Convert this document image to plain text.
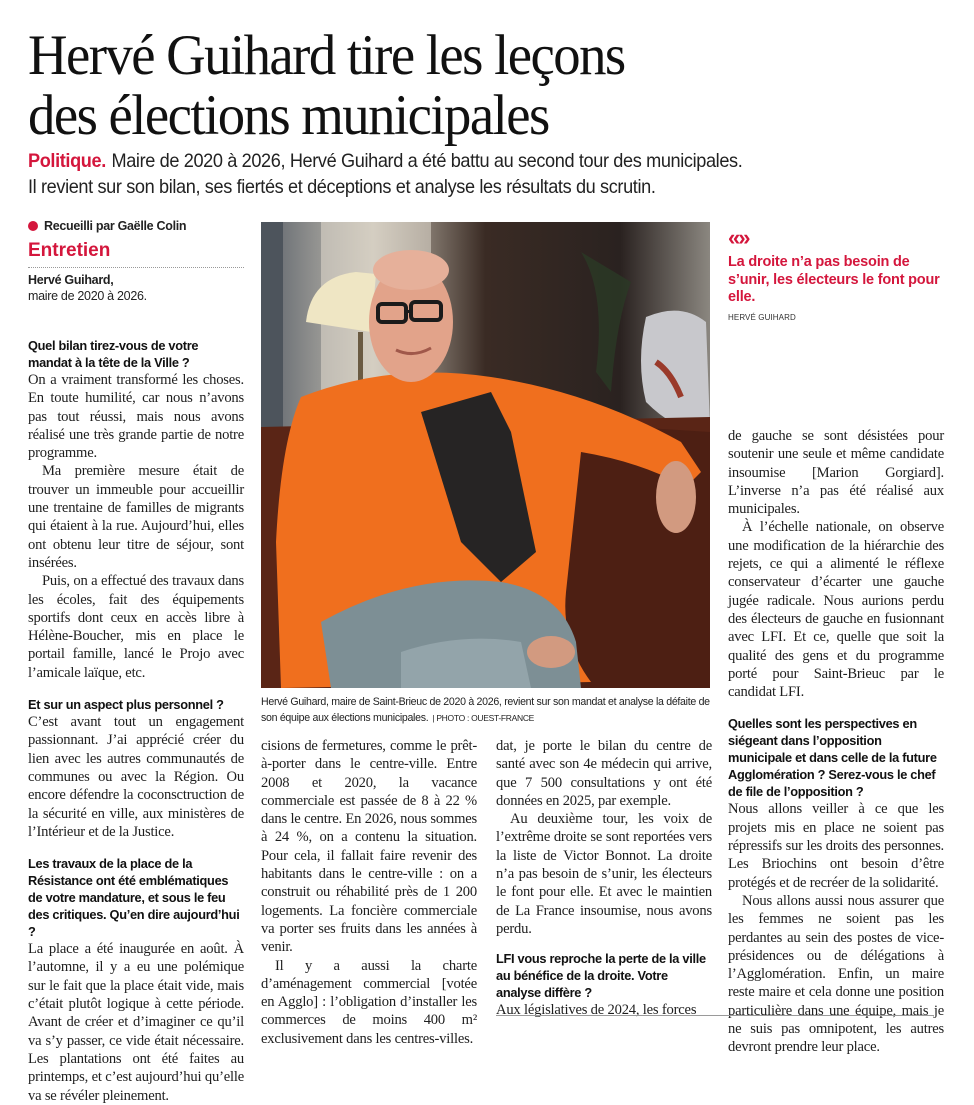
Hervé Guihard tire les leçons
des élections municipales
Politique. Maire de 2020 à 2026, Hervé Guihard a été battu au second tour des municipales.
Il revient sur son bilan, ses fiertés et déceptions et analyse les résultats du scrutin.
Recueilli par Gaëlle Colin
Entretien
Hervé Guihard,
maire de 2020 à 2026.

Quel bilan tirez-vous de votre mandat à la tête de la Ville ?

On a vraiment transformé les choses. En toute humilité, car nous n’avons pas tout réussi, mais nous avons réalisé une très grande partie de notre programme.

Ma première mesure était de trouver un immeuble pour accueillir une trentaine de familles de migrants qui étaient à la rue. Aujourd’hui, elles ont obtenu leur titre de séjour, sont insérées.

Puis, on a effectué des travaux dans les écoles, fait des équipements sportifs dont ceux en accès libre à Hélène-Boucher, mis en place le portail famille, lancé le Projo avec l’amicale laïque, etc.

Et sur un aspect plus personnel ?

C’est avant tout un engagement passionnant. J’ai apprécié créer du lien avec les autres communautés de communes ou avec la Région. Ou encore défendre la coconsctruction de la sécurité en ville, aux ministères de l’Intérieur et de la Justice.

Les travaux de la place de la Résistance ont été emblématiques de votre mandature, et sous le feu des critiques. Qu’en dire aujourd’hui ?

La place a été inaugurée en août. À l’automne, il y a eu une polémique sur le fait que la place était vide, mais c’était plutôt logique à cette période. Avant de créer et d’imaginer ce qu’il va s’y passer, ce vide était nécessaire. Les plantations ont été faites au printemps, et c’est aujourd’hui qu’elle va se révéler pleinement.

Hervé Guihard, maire de Saint-Brieuc de 2020 à 2026, revient sur son mandat et analyse la défaite de son équipe aux élections municipales. | PHOTO : OUEST-FRANCE
«»
La droite n’a pas besoin de s’unir, les électeurs le font pour elle.
HERVÉ GUIHARD

cisions de fermetures, comme le prêt-à-porter dans le centre-ville. Entre 2008 et 2020, la vacance commerciale est passée de 8 à 22 % dans le centre. En 2026, nous sommes à 24 %, on a contenu la situation. Pour cela, il fallait faire revenir des habitants dans le centre-ville : on a construit ou réhabilité près de 1 200 logements. La foncière commerciale va porter ses fruits dans les années à venir.

Il y a aussi la charte d’aménagement commercial [votée en Agglo] : l’obligation d’installer les commerces de moins 400 m² exclusivement dans les centres-villes.

dat, je porte le bilan du centre de santé avec son 4e médecin qui arrive, que 7 500 consultations y ont été données en 2025, par exemple.

Au deuxième tour, les voix de l’extrême droite se sont reportées vers la liste de Victor Bonnot. La droite n’a pas besoin de s’unir, les électeurs le font pour elle. Et avec le maintien de La France insoumise, nous avons perdu.

LFI vous reproche la perte de la ville au bénéfice de la droite. Votre analyse diffère ?

Aux législatives de 2024, les forces

de gauche se sont désistées pour soutenir une seule et même candidate insoumise [Marion Gorgiard]. L’inverse n’a pas été réalisé aux municipales.

À l’échelle nationale, on observe une modification de la hiérarchie des rejets, ce qui a alimenté le réflexe conservateur d’écarter une gauche jugée radicale. Nous aurions perdu des électeurs de gauche en fusionnant avec LFI. Et ce, quelle que soit la qualité des gens et du programme porté pour Saint-Brieuc par le candidat LFI.

Quelles sont les perspectives en siégeant dans l’opposition municipale et dans celle de la future Agglomération ? Serez-vous le chef de file de l’opposition ?

Nous allons veiller à ce que les projets mis en place ne soient pas répressifs sur les droits des personnes. Les Briochins ont besoin d’être protégés et de recréer de la solidarité.

Nous allons aussi nous assurer que les femmes ne soient pas les perdantes au sein des postes de vice-présidences ou de délégations à l’Agglomération. Enfin, un maire reste maire et cela donne une position particulière dans une équipe, mais je ne suis pas omnipotent, les autres devront prendre leur place.
